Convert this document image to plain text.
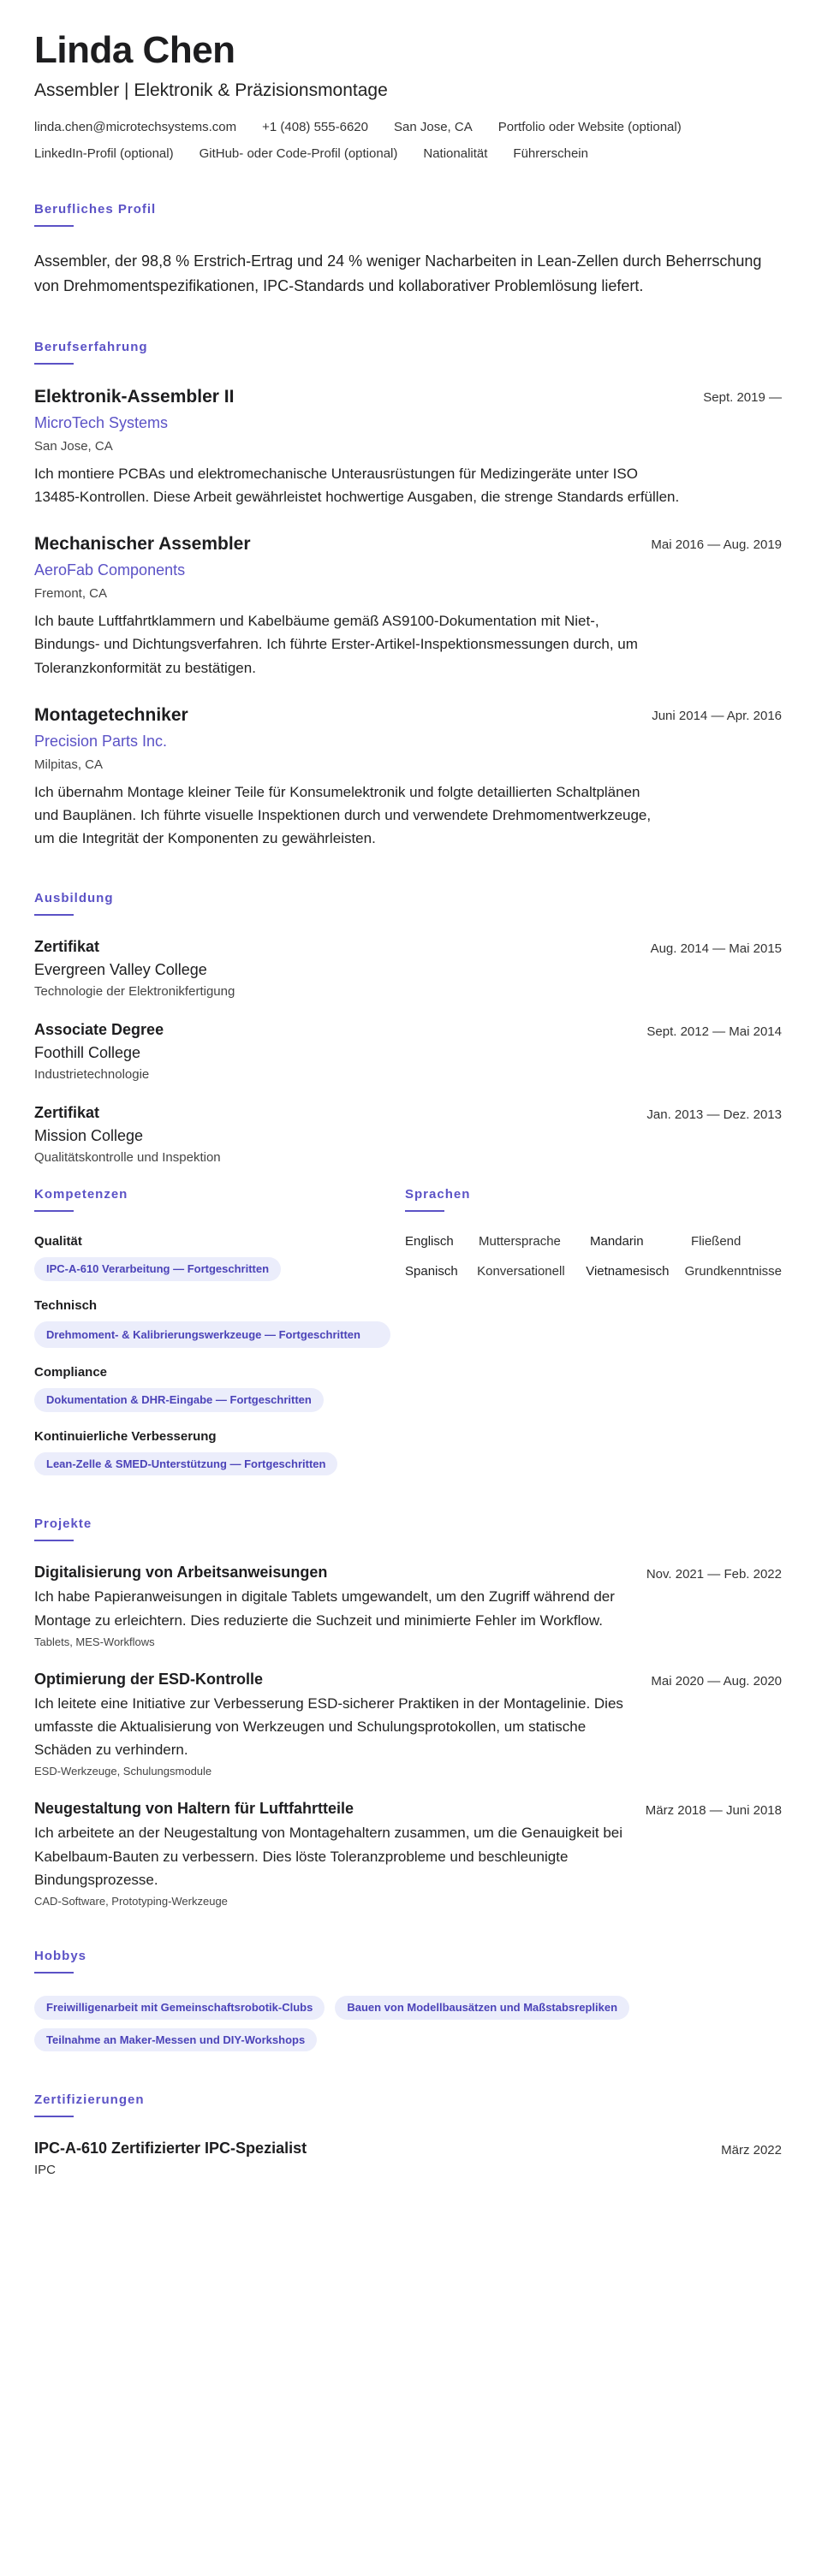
Linda Chen
Assembler | Elektronik & Präzisionsmontage
linda.chen@microtechsystems.com +1 (408) 555-6620 San Jose, CA Portfolio oder Website (optional)
LinkedIn-Profil (optional) GitHub- oder Code-Profil (optional) Nationalität Führerschein
Berufliches Profil

Assembler, der 98,8 % Erstrich-Ertrag und 24 % weniger Nacharbeiten in Lean-Zellen durch Beherrschung von Drehmomentspezifikationen, IPC-Standards und kollaborativer Problemlösung liefert.

Berufserfahrung
Elektronik-Assembler II
MicroTech Systems
San Jose, CA

Ich montiere PCBAs und elektromechanische Unterausrüstungen für Medizingeräte unter ISO 13485-Kontrollen. Diese Arbeit gewährleistet hochwertige Ausgaben, die strenge Standards erfüllen.

Sept. 2019 —
Mechanischer Assembler
AeroFab Components
Fremont, CA

Ich baute Luftfahrtklammern und Kabelbäume gemäß AS9100-Dokumentation mit Niet-, Bindungs- und Dichtungsverfahren. Ich führte Erster-Artikel-Inspektionsmessungen durch, um Toleranzkonformität zu bestätigen.

Mai 2016 — Aug. 2019
Montagetechniker
Precision Parts Inc.
Milpitas, CA

Ich übernahm Montage kleiner Teile für Konsumelektronik und folgte detaillierten Schaltplänen und Bauplänen. Ich führte visuelle Inspektionen durch und verwendete Drehmomentwerkzeuge, um die Integrität der Komponenten zu gewährleisten.

Juni 2014 — Apr. 2016
Ausbildung
Zertifikat
Evergreen Valley College
Technologie der Elektronikfertigung
Aug. 2014 — Mai 2015
Associate Degree
Foothill College
Industrietechnologie
Sept. 2012 — Mai 2014
Zertifikat
Mission College
Qualitätskontrolle und Inspektion
Jan. 2013 — Dez. 2013
Kompetenzen
Qualität
IPC-A-610 Verarbeitung — Fortgeschritten
Technisch
Drehmoment- & Kalibrierungswerkzeuge — Fortgeschritten
Compliance
Dokumentation & DHR-Eingabe — Fortgeschritten
Kontinuierliche Verbesserung
Lean-Zelle & SMED-Unterstützung — Fortgeschritten
Sprachen
Englisch	Muttersprache	Mandarin	Fließend
Spanisch	Konversationell	Vietnamesisch	Grundkenntnisse
Projekte
Digitalisierung von Arbeitsanweisungen

Ich habe Papieranweisungen in digitale Tablets umgewandelt, um den Zugriff während der Montage zu erleichtern. Dies reduzierte die Suchzeit und minimierte Fehler im Workflow.

Tablets, MES-Workflows
Nov. 2021 — Feb. 2022
Optimierung der ESD-Kontrolle

Ich leitete eine Initiative zur Verbesserung ESD-sicherer Praktiken in der Montagelinie. Dies umfasste die Aktualisierung von Werkzeugen und Schulungsprotokollen, um statische Schäden zu verhindern.

ESD-Werkzeuge, Schulungsmodule
Mai 2020 — Aug. 2020
Neugestaltung von Haltern für Luftfahrtteile

Ich arbeitete an der Neugestaltung von Montagehaltern zusammen, um die Genauigkeit bei Kabelbaum-Bauten zu verbessern. Dies löste Toleranzprobleme und beschleunigte Bindungsprozesse.

CAD-Software, Prototyping-Werkzeuge
März 2018 — Juni 2018
Hobbys
Freiwilligenarbeit mit Gemeinschaftsrobotik-Clubs	Bauen von Modellbausätzen und Maßstabsrepliken
Teilnahme an Maker-Messen und DIY-Workshops
Zertifizierungen
IPC-A-610 Zertifizierter IPC-Spezialist
IPC
März 2022
